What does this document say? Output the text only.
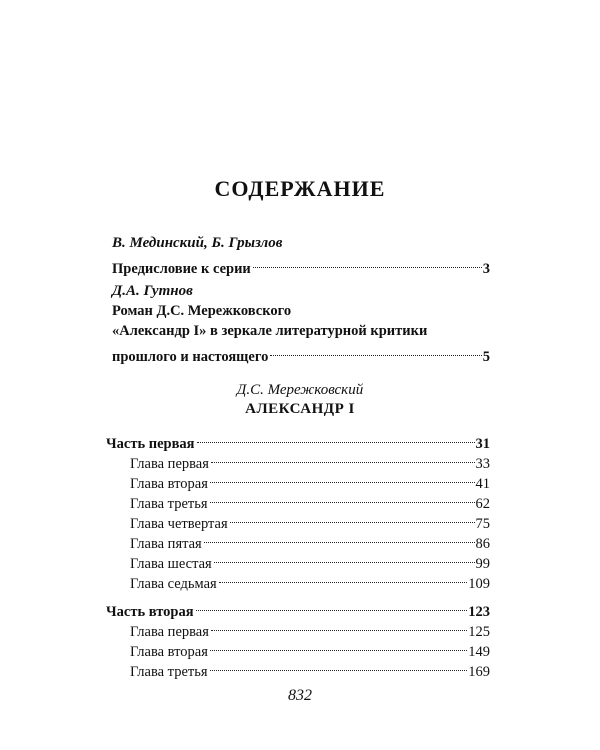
СОДЕРЖАНИЕ
В. Мединский, Б. Грызлов
Предисловие к серии	3
Д.А. Гутнов
Роман Д.С. Мережковского
«Александр I» в зеркале литературной критики
прошлого и настоящего	5
Д.С. Мережковский
АЛЕКСАНДР I
Часть первая	31
Глава первая	33
Глава вторая	41
Глава третья	62
Глава четвертая	75
Глава пятая	86
Глава шестая	99
Глава седьмая	109
Часть вторая	123
Глава первая	125
Глава вторая	149
Глава третья	169
832
